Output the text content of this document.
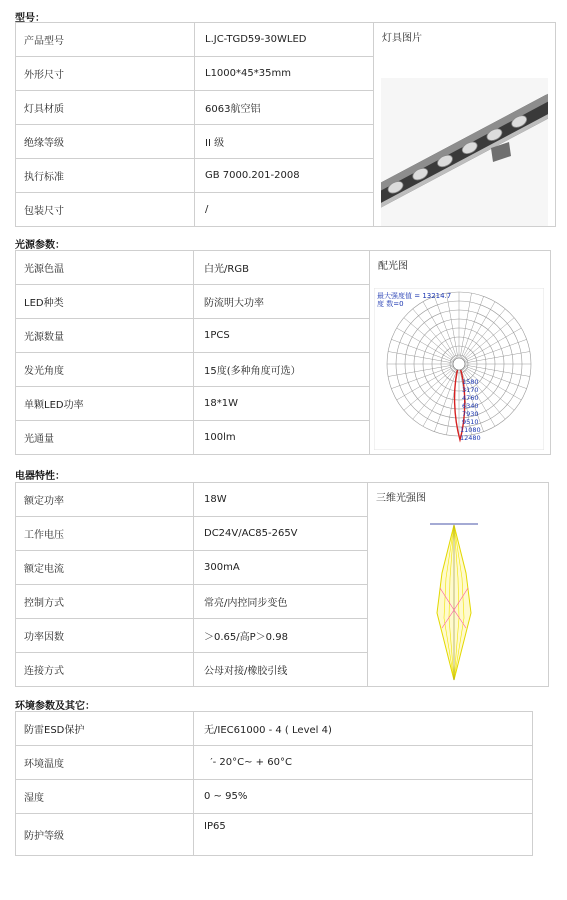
型号：
产品型号	L.JC-TGD59-30WLED	灯具图片

外形尺寸	L1000*45*35mm	
灯具材质	6063航空铝	
绝缘等级	II 级	
执行标准	GB 7000.201-2008	
包装尺寸	/	
光源参数：
光源色温	白光/RGB	配光图

LED种类	防流明大功率	
光源数量	1PCS	
发光角度	15度(多种角度可选）	
单颗LED功率	18*1W	
光通量	100lm	
最大强度值 = 13214.7
度 数=0
1580
3170
4760
6340
7930
9510
11080
12480
电器特性：
额定功率	18W	三维光强图

工作电压	DC24V/AC85-265V	
额定电流	300mA	
控制方式	常亮/内控同步变色	
功率因数	＞0.65/高P＞0.98	
连接方式	公母对接/橡胶引线	
环境参数及其它：
防雷ESD保护	无/IEC61000 - 4 ( Level 4)
环境温度	′- 20°C~ + 60°C
湿度	0 ~ 95%
防护等级	IP65
